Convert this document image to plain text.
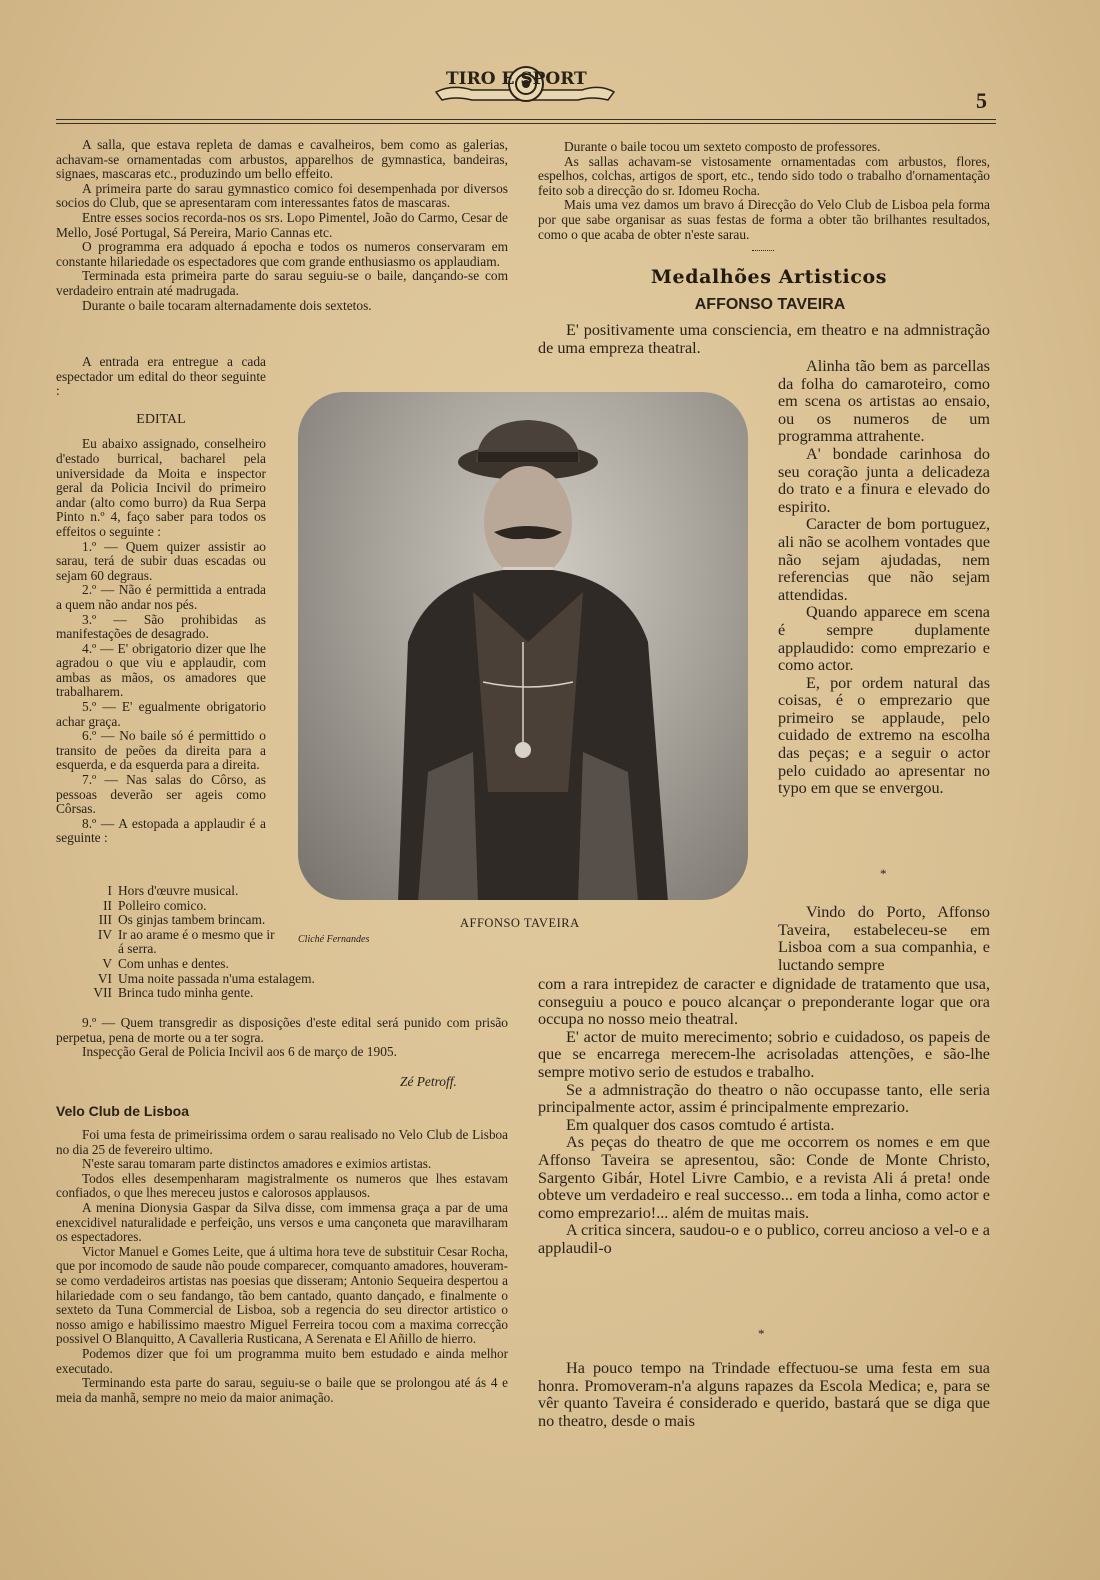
TIRO E SPORT
5

A salla, que estava repleta de damas e cavalheiros, bem como as galerias, achavam-se ornamentadas com arbustos, apparelhos de gymnastica, bandeiras, signaes, mascaras etc., produzindo um bello effeito.

A primeira parte do sarau gymnastico comico foi desempenhada por diversos socios do Club, que se apresentaram com interessantes fatos de mascaras.

Entre esses socios recorda-nos os srs. Lopo Pimentel, João do Carmo, Cesar de Mello, José Portugal, Sá Pereira, Mario Cannas etc.

O programma era adquado á epocha e todos os numeros conservaram em constante hilariedade os espectadores que com grande enthusiasmo os applaudiam.

Terminada esta primeira parte do sarau seguiu-se o baile, dançando-se com verdadeiro entrain até madrugada.

Durante o baile tocaram alternadamente dois sextetos.

A entrada era entregue a cada espectador um edital do theor seguinte :

EDITAL

Eu abaixo assignado, conselheiro d'estado burrical, bacharel pela universidade da Moita e inspector geral da Policia Incivil do primeiro andar (alto como burro) da Rua Serpa Pinto n.º 4, faço saber para todos os effeitos o seguinte :

1.º — Quem quizer assistir ao sarau, terá de subir duas escadas ou sejam 60 degraus.

2.º — Não é permittida a entrada a quem não andar nos pés.

3.º — São prohibidas as manifestações de desagrado.

4.º — E' obrigatorio dizer que lhe agradou o que viu e applaudir, com ambas as mãos, os amadores que trabalharem.

5.º — E' egualmente obrigatorio achar graça.

6.º — No baile só é permittido o transito de peões da direita para a esquerda, e da esquerda para a direita.

7.º — Nas salas do Côrso, as pessoas deverão ser ageis como Côrsas.

8.º — A estopada a applaudir é a seguinte :

I Hors d'œuvre musical.
II Polleiro comico.
III Os ginjas tambem brincam.
IV Ir ao arame é o mesmo que ir á serra.
V Com unhas e dentes.
VI Uma noite passada n'uma estalagem.
VII Brinca tudo minha gente.

9.º — Quem transgredir as disposições d'este edital será punido com prisão perpetua, pena de morte ou a ter sogra.

Inspecção Geral de Policia Incivil aos 6 de março de 1905.

Zé Petroff.
AFFONSO TAVEIRA
Cliché Fernandes
Velo Club de Lisboa

Foi uma festa de primeirissima ordem o sarau realisado no Velo Club de Lisboa no dia 25 de fevereiro ultimo.

N'este sarau tomaram parte distinctos amadores e eximios artistas.

Todos elles desempenharam magistralmente os numeros que lhes estavam confiados, o que lhes mereceu justos e calorosos applausos.

A menina Dionysia Gaspar da Silva disse, com immensa graça a par de uma enexcidivel naturalidade e perfeição, uns versos e uma cançoneta que maravilharam os espectadores.

Victor Manuel e Gomes Leite, que á ultima hora teve de substituir Cesar Rocha, que por incomodo de saude não poude comparecer, comquanto amadores, houveram-se como verdadeiros artistas nas poesias que disseram; Antonio Sequeira despertou a hilariedade com o seu fandango, tão bem cantado, quanto dançado, e finalmente o sexteto da Tuna Commercial de Lisboa, sob a regencia do seu director artistico o nosso amigo e habilissimo maestro Miguel Ferreira tocou com a maxima correcção possivel O Blanquitto, A Cavalleria Rusticana, A Serenata e El Añillo de hierro.

Podemos dizer que foi um programma muito bem estudado e ainda melhor executado.

Terminando esta parte do sarau, seguiu-se o baile que se prolongou até ás 4 e meia da manhã, sempre no meio da maior animação.

Durante o baile tocou um sexteto composto de professores.

As sallas achavam-se vistosamente ornamentadas com arbustos, flores, espelhos, colchas, artigos de sport, etc., tendo sido todo o trabalho d'ornamentação feito sob a direcção do sr. Idomeu Rocha.

Mais uma vez damos um bravo á Direcção do Velo Club de Lisboa pela forma por que sabe organisar as suas festas de forma a obter tão brilhantes resultados, como o que acaba de obter n'este sarau.

Medalhões Artisticos
AFFONSO TAVEIRA

E' positivamente uma consciencia, em theatro e na admnistração de uma empreza theatral.

Alinha tão bem as parcellas da folha do camaroteiro, como em scena os artistas ao ensaio, ou os numeros de um programma attrahente.

A' bondade carinhosa do seu coração junta a delicadeza do trato e a finura e elevado do espirito.

Caracter de bom portuguez, ali não se acolhem vontades que não sejam ajudadas, nem referencias que não sejam attendidas.

Quando apparece em scena é sempre duplamente applaudido: como emprezario e como actor.

E, por ordem natural das coisas, é o emprezario que primeiro se applaude, pelo cuidado de extremo na escolha das peças; e a seguir o actor pelo cuidado ao apresentar no typo em que se envergou.

*

Vindo do Porto, Affonso Taveira, estabeleceu-se em Lisboa com a sua companhia, e luctando sempre

com a rara intrepidez de caracter e dignidade de tratamento que usa, conseguiu a pouco e pouco alcançar o preponderante logar que ora occupa no nosso meio theatral.

E' actor de muito merecimento; sobrio e cuidadoso, os papeis de que se encarrega merecem-lhe acrisoladas attenções, e são-lhe sempre motivo serio de estudos e trabalho.

Se a admnistração do theatro o não occupasse tanto, elle seria principalmente actor, assim é principalmente emprezario.

Em qualquer dos casos comtudo é artista.

As peças do theatro de que me occorrem os nomes e em que Affonso Taveira se apresentou, são: Conde de Monte Christo, Sargento Gibár, Hotel Livre Cambio, e a revista Ali á preta! onde obteve um verdadeiro e real successo... em toda a linha, como actor e como emprezario!... além de muitas mais.

A critica sincera, saudou-o e o publico, correu ancioso a vel-o e a applaudil-o

*

Ha pouco tempo na Trindade effectuou-se uma festa em sua honra. Promoveram-n'a alguns rapazes da Escola Medica; e, para se vêr quanto Taveira é considerado e querido, bastará que se diga que no theatro, desde o mais
